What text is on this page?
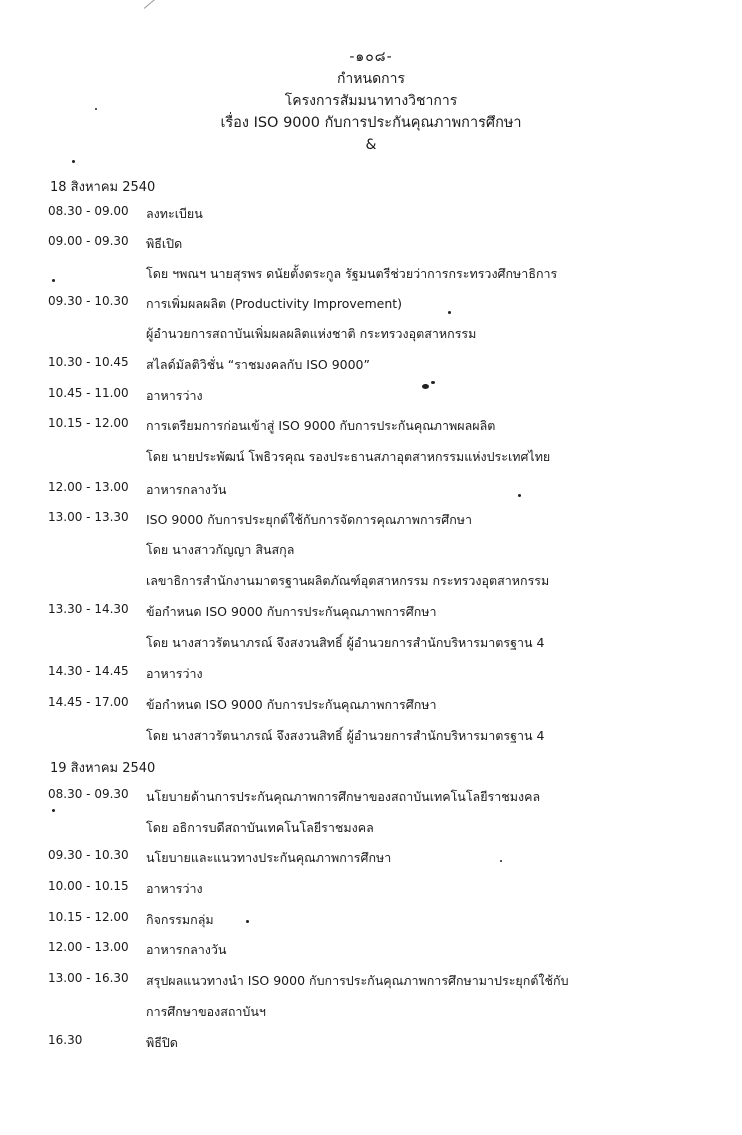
-๑๐๘-
กำหนดการ
โครงการสัมมนาทางวิชาการ
เรื่อง ISO 9000 กับการประกันคุณภาพการศึกษา
&
18 สิงหาคม 2540
08.30 - 09.00	ลงทะเบียน
09.00 - 09.30	พิธีเปิด
โดย ฯพณฯ นายสุรพร ดนัยตั้งตระกูล รัฐมนตรีช่วยว่าการกระทรวงศึกษาธิการ
09.30 - 10.30	การเพิ่มผลผลิต (Productivity Improvement)
ผู้อำนวยการสถาบันเพิ่มผลผลิตแห่งชาติ กระทรวงอุตสาหกรรม
10.30 - 10.45	สไลด์มัลติวิชั่น “ราชมงคลกับ ISO 9000”
10.45 - 11.00	อาหารว่าง
10.15 - 12.00	การเตรียมการก่อนเข้าสู่ ISO 9000 กับการประกันคุณภาพผลผลิต
โดย นายประพัฒน์ โพธิวรคุณ รองประธานสภาอุตสาหกรรมแห่งประเทศไทย
12.00 - 13.00	อาหารกลางวัน
13.00 - 13.30	ISO 9000 กับการประยุกต์ใช้กับการจัดการคุณภาพการศึกษา
โดย นางสาวกัญญา สินสกุล
เลขาธิการสำนักงานมาตรฐานผลิตภัณฑ์อุตสาหกรรม กระทรวงอุตสาหกรรม
13.30 - 14.30	ข้อกำหนด ISO 9000 กับการประกันคุณภาพการศึกษา
โดย นางสาวรัตนาภรณ์ จึงสงวนสิทธิ์ ผู้อำนวยการสำนักบริหารมาตรฐาน 4
14.30 - 14.45	อาหารว่าง
14.45 - 17.00	ข้อกำหนด ISO 9000 กับการประกันคุณภาพการศึกษา
โดย นางสาวรัตนาภรณ์ จึงสงวนสิทธิ์ ผู้อำนวยการสำนักบริหารมาตรฐาน 4
19 สิงหาคม 2540
08.30 - 09.30	นโยบายด้านการประกันคุณภาพการศึกษาของสถาบันเทคโนโลยีราชมงคล
โดย อธิการบดีสถาบันเทคโนโลยีราชมงคล
09.30 - 10.30	นโยบายและแนวทางประกันคุณภาพการศึกษา
10.00 - 10.15	อาหารว่าง
10.15 - 12.00	กิจกรรมกลุ่ม
12.00 - 13.00	อาหารกลางวัน
13.00 - 16.30	สรุปผลแนวทางนำ ISO 9000 กับการประกันคุณภาพการศึกษามาประยุกต์ใช้กับ
การศึกษาของสถาบันฯ
16.30	พิธีปิด
